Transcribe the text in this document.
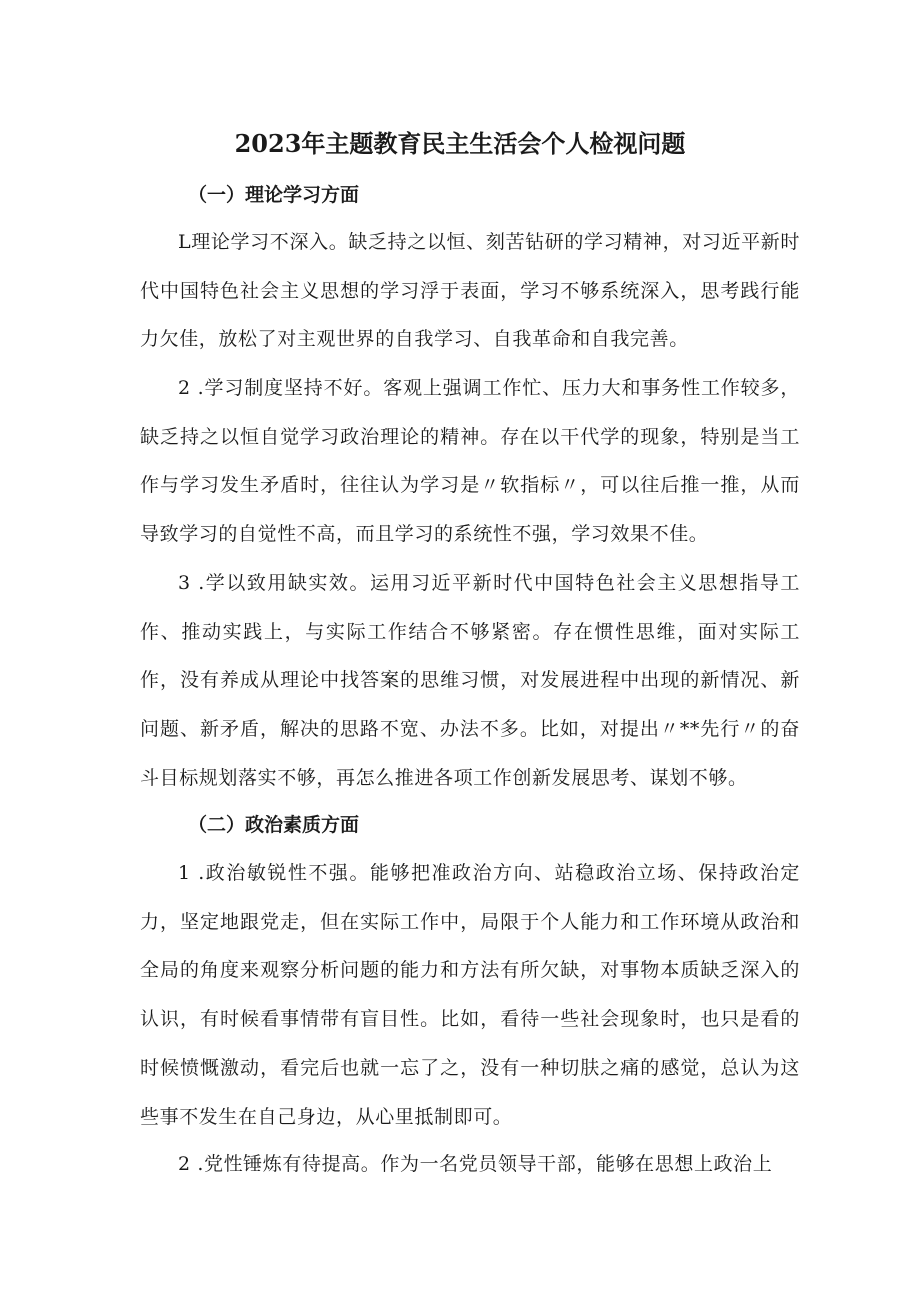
2023年主题教育民主生活会个人检视问题
（一）理论学习方面

L理论学习不深入。缺乏持之以恒、刻苦钻研的学习精神，对习近平新时代中国特色社会主义思想的学习浮于表面，学习不够系统深入，思考践行能力欠佳，放松了对主观世界的自我学习、自我革命和自我完善。

2 .学习制度坚持不好。客观上强调工作忙、压力大和事务性工作较多，缺乏持之以恒自觉学习政治理论的精神。存在以干代学的现象，特别是当工作与学习发生矛盾时，往往认为学习是〃软指标〃，可以往后推一推，从而导致学习的自觉性不高，而且学习的系统性不强，学习效果不佳。

3 .学以致用缺实效。运用习近平新时代中国特色社会主义思想指导工作、推动实践上，与实际工作结合不够紧密。存在惯性思维，面对实际工作，没有养成从理论中找答案的思维习惯，对发展进程中出现的新情况、新问题、新矛盾，解决的思路不宽、办法不多。比如，对提出〃**先行〃的奋斗目标规划落实不够，再怎么推进各项工作创新发展思考、谋划不够。

（二）政治素质方面

1 .政治敏锐性不强。能够把准政治方向、站稳政治立场、保持政治定力，坚定地跟党走，但在实际工作中，局限于个人能力和工作环境从政治和全局的角度来观察分析问题的能力和方法有所欠缺，对事物本质缺乏深入的认识，有时候看事情带有盲目性。比如，看待一些社会现象时，也只是看的时候愤慨激动，看完后也就一忘了之，没有一种切肤之痛的感觉，总认为这些事不发生在自己身边，从心里抵制即可。

2 .党性锤炼有待提高。作为一名党员领导干部，能够在思想上政治上
